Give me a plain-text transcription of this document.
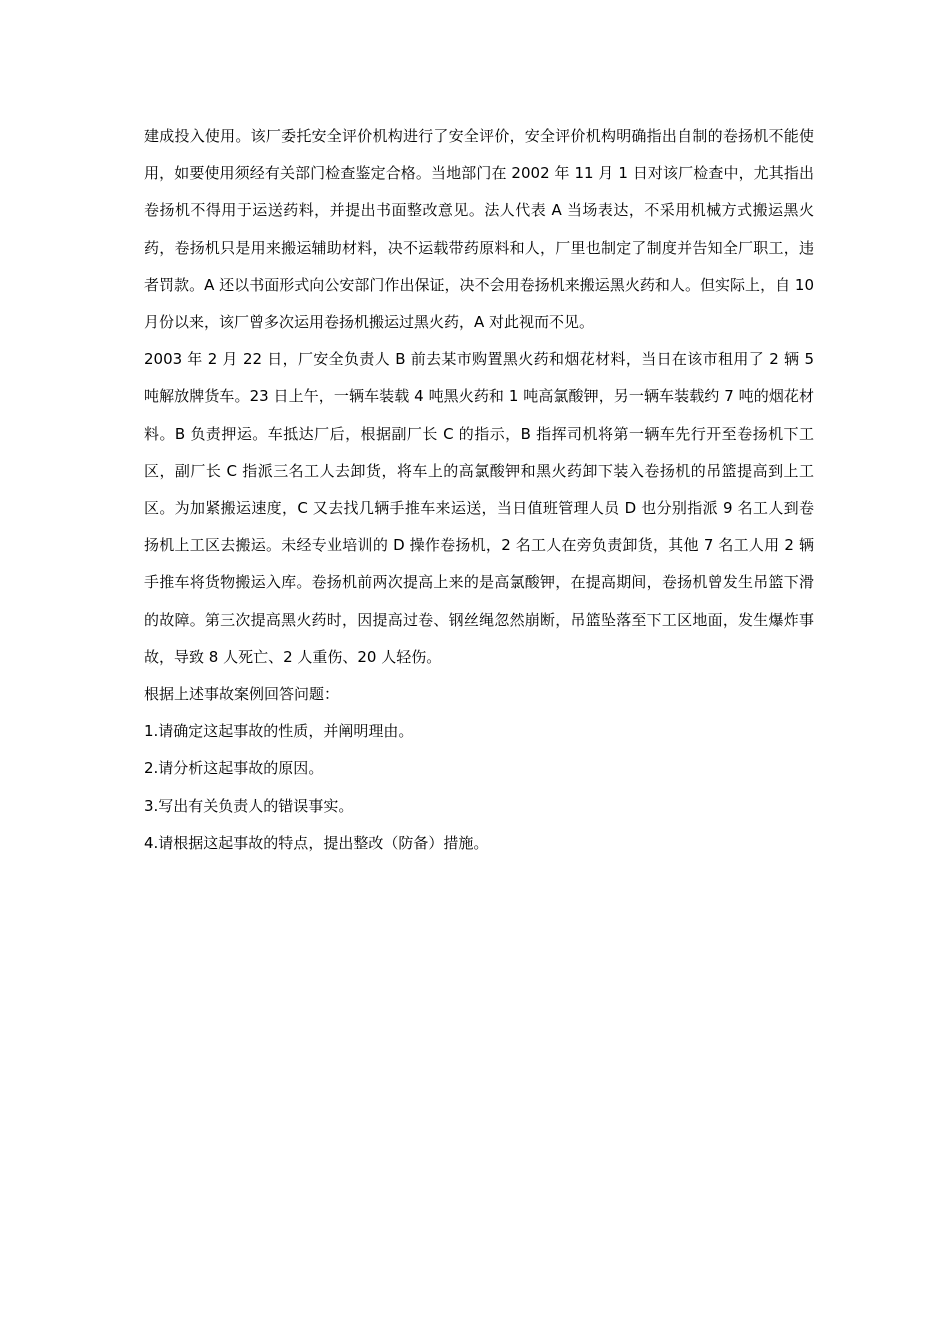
建成投入使用。该厂委托安全评价机构进行了安全评价，安全评价机构明确指出自制的卷扬机不能使用，如要使用须经有关部门检查鉴定合格。当地部门在 2002 年 11 月 1 日对该厂检查中，尤其指出卷扬机不得用于运送药料，并提出书面整改意见。法人代表 A 当场表达，不采用机械方式搬运黑火药，卷扬机只是用来搬运辅助材料，决不运载带药原料和人，厂里也制定了制度并告知全厂职工，违者罚款。A 还以书面形式向公安部门作出保证，决不会用卷扬机来搬运黑火药和人。但实际上，自 10 月份以来，该厂曾多次运用卷扬机搬运过黑火药，A 对此视而不见。

2003 年 2 月 22 日，厂安全负责人 B 前去某市购置黑火药和烟花材料，当日在该市租用了 2 辆 5 吨解放牌货车。23 日上午，一辆车装载 4 吨黑火药和 1 吨高氯酸钾，另一辆车装载约 7 吨的烟花材料。B 负责押运。车抵达厂后，根据副厂长 C 的指示，B 指挥司机将第一辆车先行开至卷扬机下工区，副厂长 C 指派三名工人去卸货，将车上的高氯酸钾和黑火药卸下装入卷扬机的吊篮提高到上工区。为加紧搬运速度，C 又去找几辆手推车来运送，当日值班管理人员 D 也分别指派 9 名工人到卷扬机上工区去搬运。未经专业培训的 D 操作卷扬机，2 名工人在旁负责卸货，其他 7 名工人用 2 辆手推车将货物搬运入库。卷扬机前两次提高上来的是高氯酸钾，在提高期间，卷扬机曾发生吊篮下滑的故障。第三次提高黑火药时，因提高过卷、钢丝绳忽然崩断，吊篮坠落至下工区地面，发生爆炸事故，导致 8 人死亡、2 人重伤、20 人轻伤。

根据上述事故案例回答问题：

1.请确定这起事故的性质，并阐明理由。

2.请分析这起事故的原因。

3.写出有关负责人的错误事实。

4.请根据这起事故的特点，提出整改（防备）措施。
